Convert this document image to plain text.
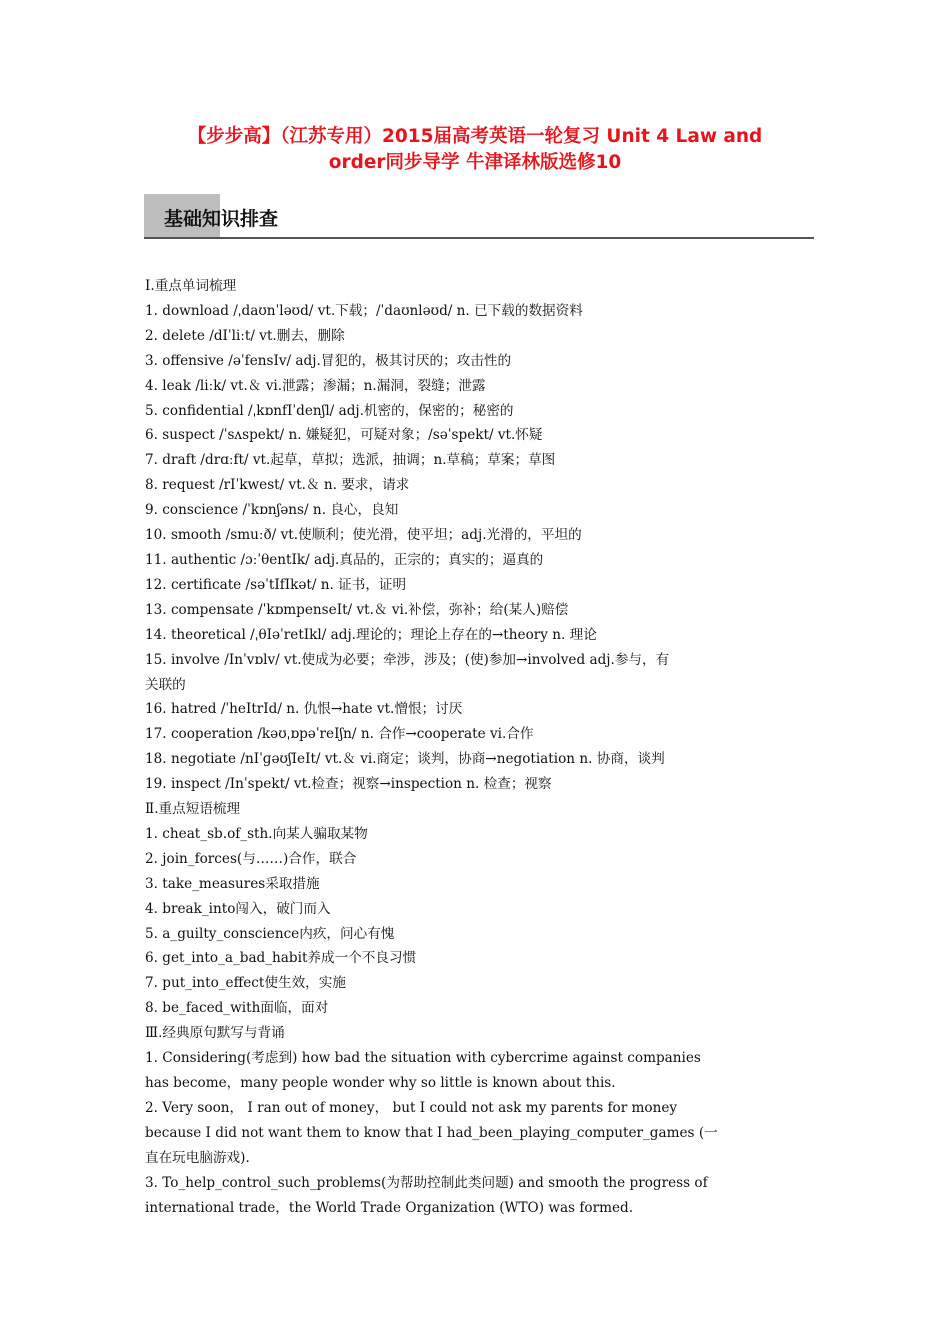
【步步高】（江苏专用）2015届高考英语一轮复习 Unit 4 Law and
order同步导学 牛津译林版选修10
基础知识排查
Ⅰ.重点单词梳理
1. download /ˌdaʊnˈləʊd/ vt.下载；/ˈdaʊnləʊd/ n. 已下载的数据资料
2. delete /dIˈliːt/ vt.删去，删除
3. offensive /əˈfensIv/ adj.冒犯的，极其讨厌的；攻击性的
4. leak /liːk/ vt.＆ vi.泄露；渗漏；n.漏洞，裂缝；泄露
5. confidential /ˌkɒnfIˈdenʃl/ adj.机密的，保密的；秘密的
6. suspect /ˈsʌspekt/ n. 嫌疑犯，可疑对象；/səˈspekt/ vt.怀疑
7. draft /drɑːft/ vt.起草，草拟；选派，抽调；n.草稿；草案；草图
8. request /rIˈkwest/ vt.＆ n. 要求，请求
9. conscience /ˈkɒnʃəns/ n. 良心，良知
10. smooth /smuːð/ vt.使顺利；使光滑，使平坦；adj.光滑的，平坦的
11. authentic /ɔːˈθentIk/ adj.真品的，正宗的；真实的；逼真的
12. certificate /səˈtIfIkət/ n. 证书，证明
13. compensate /ˈkɒmpenseIt/ vt.＆ vi.补偿，弥补；给(某人)赔偿
14. theoretical /ˌθIəˈretIkl/ adj.理论的；理论上存在的→theory n. 理论
15. involve /Inˈvɒlv/ vt.使成为必要；牵涉，涉及；(使)参加→involved adj.参与，有
关联的
16. hatred /ˈheItrId/ n. 仇恨→hate vt.憎恨；讨厌
17. cooperation /kəʊˌɒpəˈreIʃn/ n. 合作→cooperate vi.合作
18. negotiate /nIˈɡəʊʃIeIt/ vt.＆ vi.商定；谈判，协商→negotiation n. 协商，谈判
19. inspect /Inˈspekt/ vt.检查；视察→inspection n. 检查；视察
Ⅱ.重点短语梳理
1. cheat_sb.of_sth.向某人骗取某物
2. join_forces(与……)合作，联合
3. take_measures采取措施
4. break_into闯入，破门而入
5. a_guilty_conscience内疚，问心有愧
6. get_into_a_bad_habit养成一个不良习惯
7. put_into_effect使生效，实施
8. be_faced_with面临，面对
Ⅲ.经典原句默写与背诵
1. Considering(考虑到) how bad the situation with cybercrime against companies
has become，many people wonder why so little is known about this.
2. Very soon， I ran out of money， but I could not ask my parents for money
because I did not want them to know that I had_been_playing_computer_games (一
直在玩电脑游戏).
3. To_help_control_such_problems(为帮助控制此类问题) and smooth the progress of
international trade，the World Trade Organization (WTO) was formed.
